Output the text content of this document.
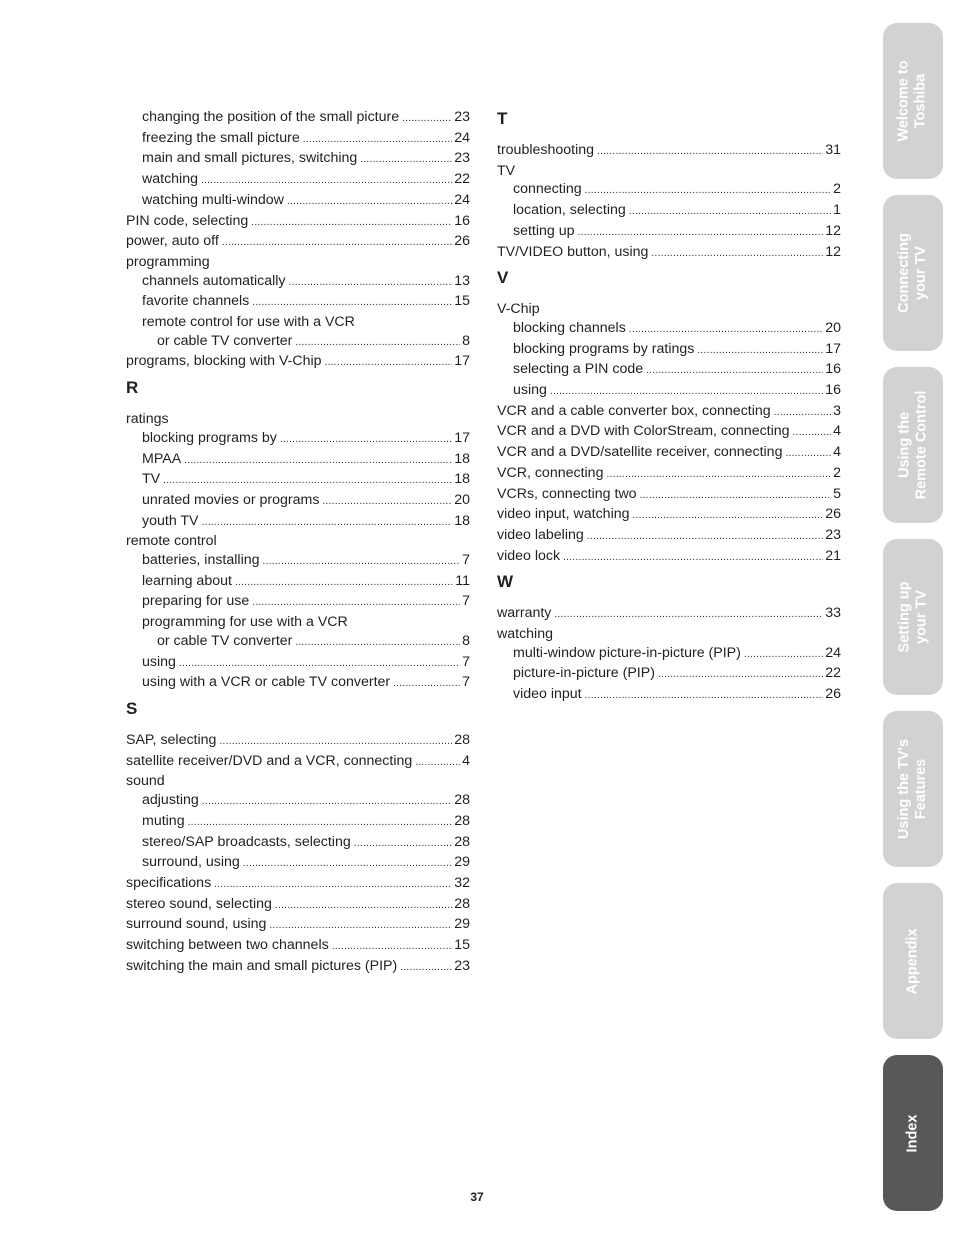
changing the position of the small picture .....	23
freezing the small picture .....	24
main and small pictures, switching .....	23
watching .....	22
watching multi-window .....	24
PIN code, selecting .....	16
power, auto off .....	26
programming
channels automatically .....	13
favorite channels .....	15
remote control for use with a VCR
or cable TV converter .....	8
programs, blocking with V-Chip .....	17
R
ratings
blocking programs by .....	17
MPAA .....	18
TV .....	18
unrated movies or programs .....	20
youth TV .....	18
remote control
batteries, installing .....	7
learning about .....	11
preparing for use .....	7
programming for use with a VCR
or cable TV converter .....	8
using .....	7
using with a VCR or cable TV converter .....	7
S
SAP, selecting .....	28
satellite receiver/DVD and a VCR, connecting .....	4
sound
adjusting .....	28
muting .....	28
stereo/SAP broadcasts, selecting .....	28
surround, using .....	29
specifications .....	32
stereo sound, selecting .....	28
surround sound, using .....	29
switching between two channels .....	15
switching the main and small pictures (PIP) .....	23
T
troubleshooting .....	31
TV
connecting .....	2
location, selecting .....	1
setting up .....	12
TV/VIDEO button, using .....	12
V
V-Chip
blocking channels .....	20
blocking programs by ratings .....	17
selecting a PIN code .....	16
using .....	16
VCR and a cable converter box, connecting .....	3
VCR and a DVD with ColorStream, connecting .....	4
VCR and a DVD/satellite receiver, connecting .....	4
VCR, connecting .....	2
VCRs, connecting two .....	5
video input, watching .....	26
video labeling .....	23
video lock .....	21
W
warranty .....	33
watching
multi-window picture-in-picture (PIP) .....	24
picture-in-picture (PIP) .....	22
video input .....	26
Welcome to Toshiba
Connecting your TV
Using the Remote Control
Setting up your TV
Using the TV's Features
Appendix
Index
37
